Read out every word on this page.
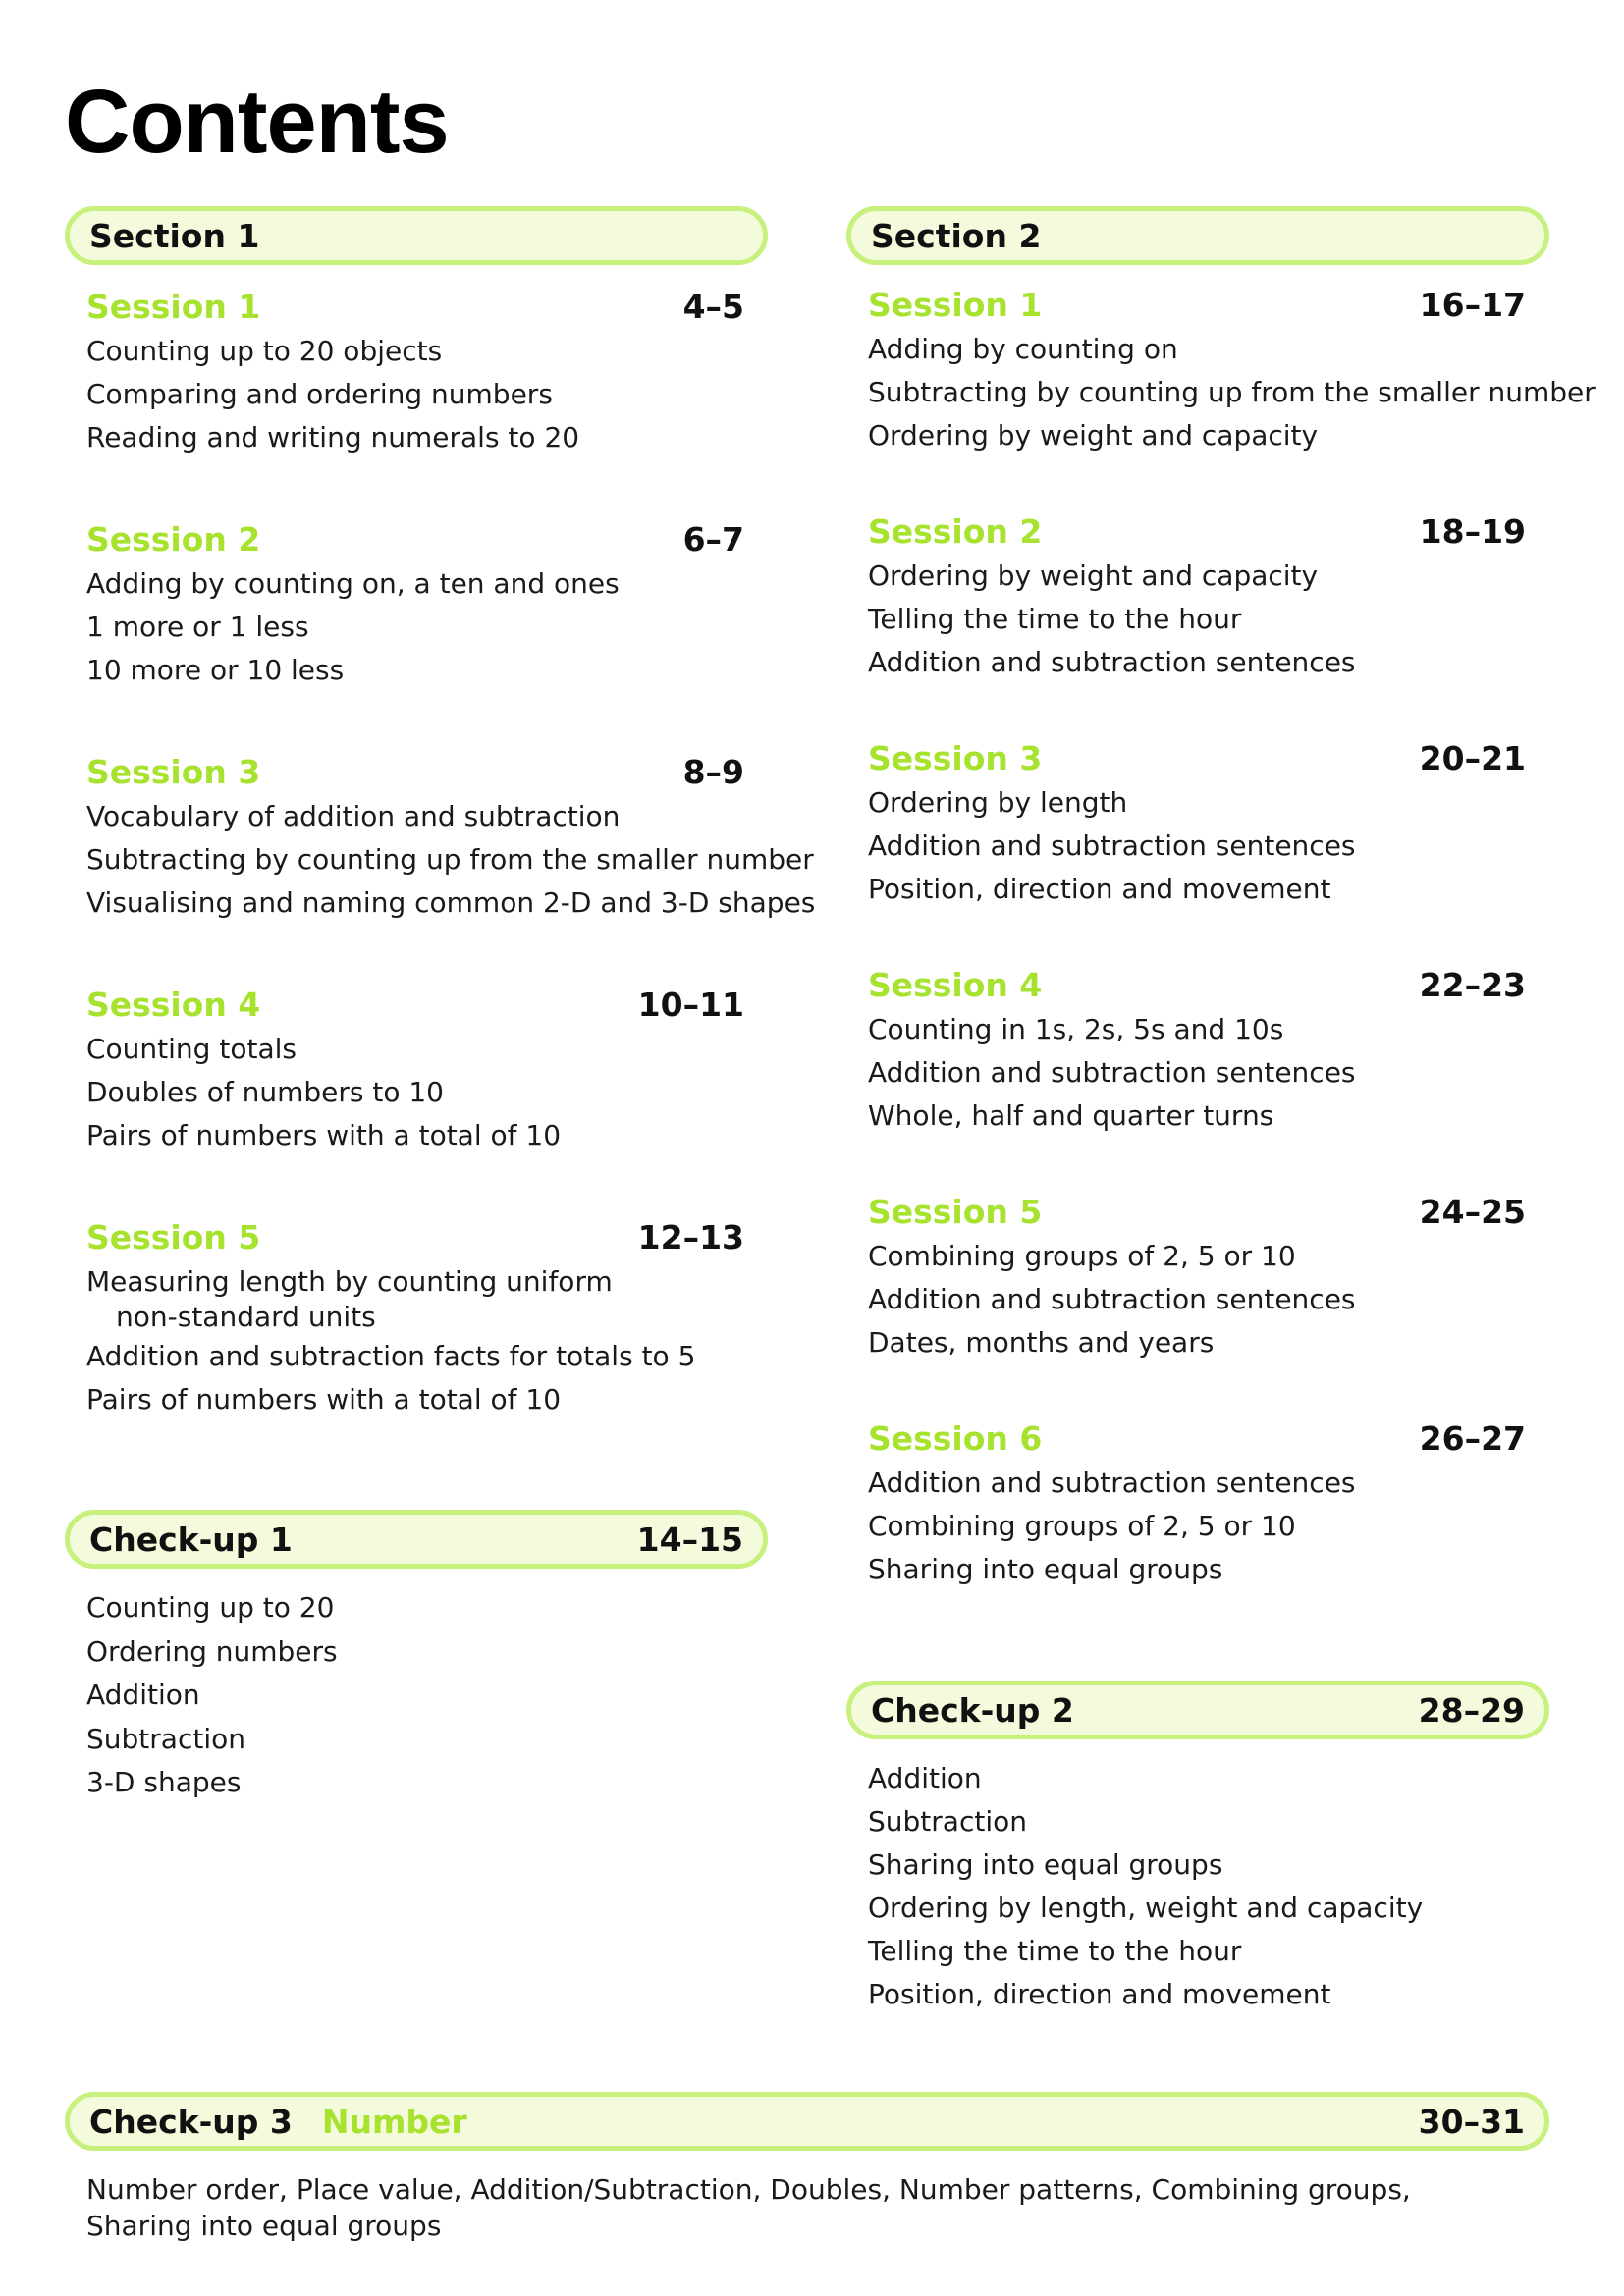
Contents
Section 1	Section 2
Session 1	4–5
Counting up to 20 objects
Comparing and ordering numbers
Reading and writing numerals to 20
Session 2	6–7
Adding by counting on, a ten and ones
1 more or 1 less
10 more or 10 less
Session 3	8–9
Vocabulary of addition and subtraction
Subtracting by counting up from the smaller number
Visualising and naming common 2-D and 3-D shapes
Session 4	10–11
Counting totals
Doubles of numbers to 10
Pairs of numbers with a total of 10
Session 5	12–13
Measuring length by counting uniform
non-standard units
Addition and subtraction facts for totals to 5
Pairs of numbers with a total of 10
Check-up 1	14–15
Counting up to 20
Ordering numbers
Addition
Subtraction
3-D shapes
Session 1	16–17
Adding by counting on
Subtracting by counting up from the smaller number
Ordering by weight and capacity
Session 2	18–19
Ordering by weight and capacity
Telling the time to the hour
Addition and subtraction sentences
Session 3	20–21
Ordering by length
Addition and subtraction sentences
Position, direction and movement
Session 4	22–23
Counting in 1s, 2s, 5s and 10s
Addition and subtraction sentences
Whole, half and quarter turns
Session 5	24–25
Combining groups of 2, 5 or 10
Addition and subtraction sentences
Dates, months and years
Session 6	26–27
Addition and subtraction sentences
Combining groups of 2, 5 or 10
Sharing into equal groups
Check-up 2	28–29
Addition
Subtraction
Sharing into equal groups
Ordering by length, weight and capacity
Telling the time to the hour
Position, direction and movement
Check-up 3 Number	30–31
Number order, Place value, Addition/Subtraction, Doubles, Number patterns, Combining groups,
Sharing into equal groups
